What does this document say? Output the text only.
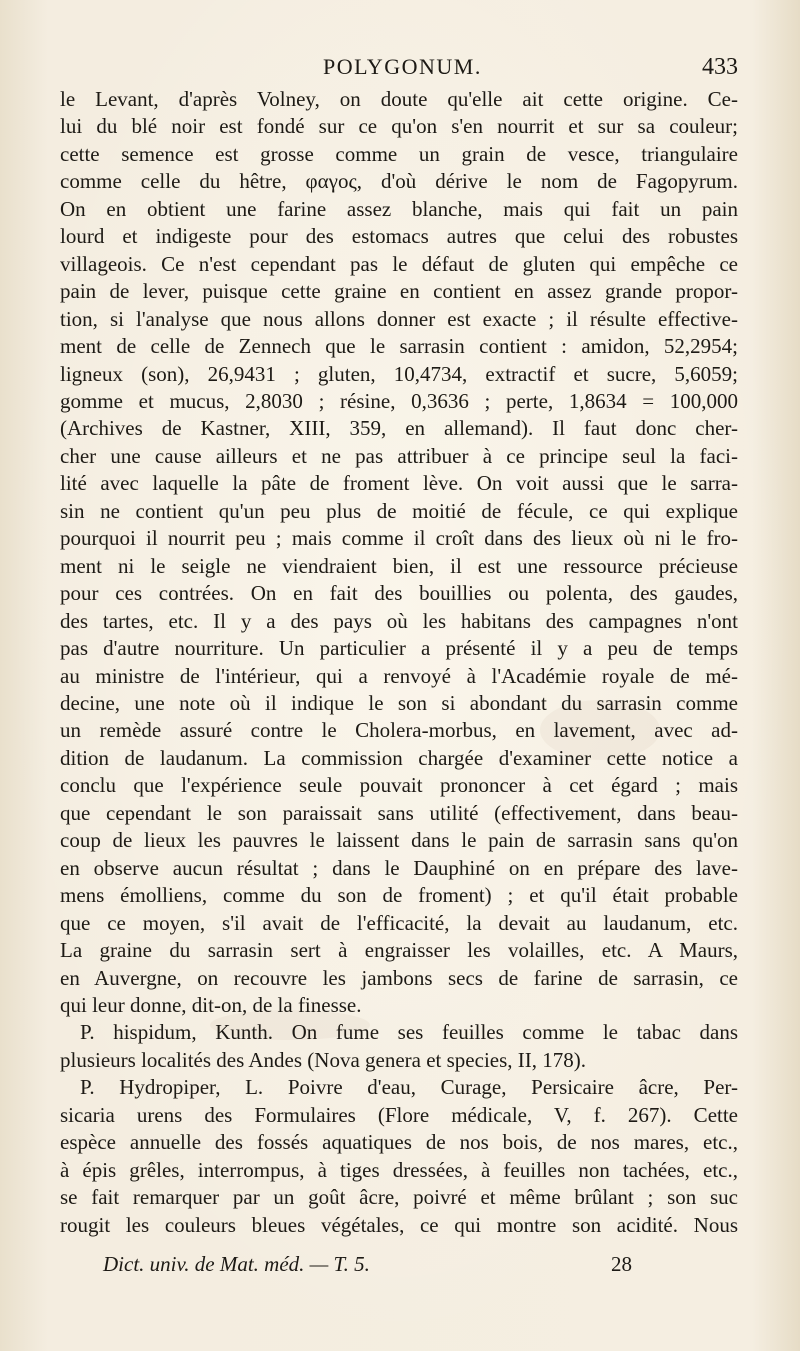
POLYGONUM.	433
le Levant, d'après Volney, on doute qu'elle ait cette origine. Ce-
lui du blé noir est fondé sur ce qu'on s'en nourrit et sur sa couleur;
cette semence est grosse comme un grain de vesce, triangulaire
comme celle du hêtre, φαγος, d'où dérive le nom de Fagopyrum.
On en obtient une farine assez blanche, mais qui fait un pain
lourd et indigeste pour des estomacs autres que celui des robustes
villageois. Ce n'est cependant pas le défaut de gluten qui empêche ce
pain de lever, puisque cette graine en contient en assez grande propor-
tion, si l'analyse que nous allons donner est exacte ; il résulte effective-
ment de celle de Zennech que le sarrasin contient : amidon, 52,2954;
ligneux (son), 26,9431 ; gluten, 10,4734, extractif et sucre, 5,6059;
gomme et mucus, 2,8030 ; résine, 0,3636 ; perte, 1,8634 = 100,000
(Archives de Kastner, XIII, 359, en allemand). Il faut donc cher-
cher une cause ailleurs et ne pas attribuer à ce principe seul la faci-
lité avec laquelle la pâte de froment lève. On voit aussi que le sarra-
sin ne contient qu'un peu plus de moitié de fécule, ce qui explique
pourquoi il nourrit peu ; mais comme il croît dans des lieux où ni le fro-
ment ni le seigle ne viendraient bien, il est une ressource précieuse
pour ces contrées. On en fait des bouillies ou polenta, des gaudes,
des tartes, etc. Il y a des pays où les habitans des campagnes n'ont
pas d'autre nourriture. Un particulier a présenté il y a peu de temps
au ministre de l'intérieur, qui a renvoyé à l'Académie royale de mé-
decine, une note où il indique le son si abondant du sarrasin comme
un remède assuré contre le Cholera-morbus, en lavement, avec ad-
dition de laudanum. La commission chargée d'examiner cette notice a
conclu que l'expérience seule pouvait prononcer à cet égard ; mais
que cependant le son paraissait sans utilité (effectivement, dans beau-
coup de lieux les pauvres le laissent dans le pain de sarrasin sans qu'on
en observe aucun résultat ; dans le Dauphiné on en prépare des lave-
mens émolliens, comme du son de froment) ; et qu'il était probable
que ce moyen, s'il avait de l'efficacité, la devait au laudanum, etc.
La graine du sarrasin sert à engraisser les volailles, etc. A Maurs,
en Auvergne, on recouvre les jambons secs de farine de sarrasin, ce
qui leur donne, dit-on, de la finesse.
P. hispidum, Kunth. On fume ses feuilles comme le tabac dans
plusieurs localités des Andes (Nova genera et species, II, 178).
P. Hydropiper, L. Poivre d'eau, Curage, Persicaire âcre, Per-
sicaria urens des Formulaires (Flore médicale, V, f. 267). Cette
espèce annuelle des fossés aquatiques de nos bois, de nos mares, etc.,
à épis grêles, interrompus, à tiges dressées, à feuilles non tachées, etc.,
se fait remarquer par un goût âcre, poivré et même brûlant ; son suc
rougit les couleurs bleues végétales, ce qui montre son acidité. Nous
Dict. univ. de Mat. méd. — T. 5.	28
